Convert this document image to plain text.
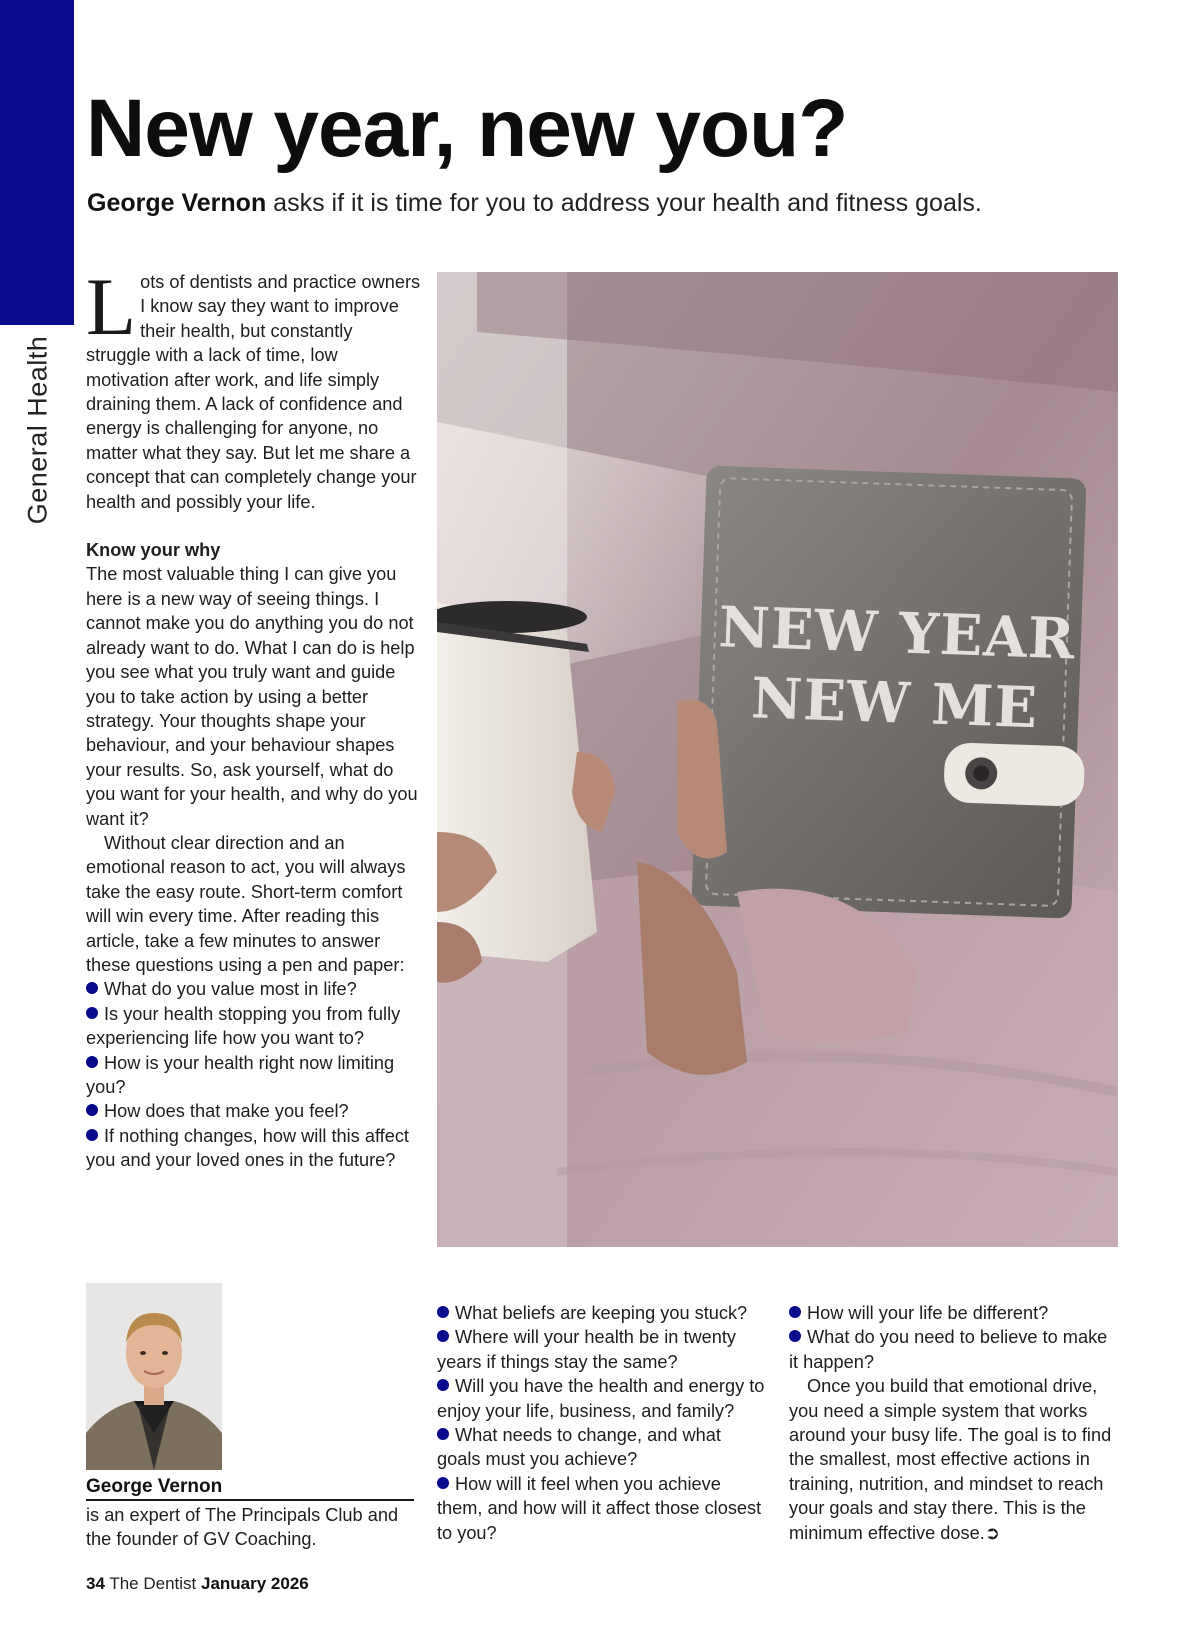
General Health
New year, new you?

George Vernon asks if it is time for you to address your health and fitness goals.

Lots of dentists and practice owners I know say they want to improve their health, but constantly struggle with a lack of time, low motivation after work, and life simply draining them. A lack of confidence and energy is challenging for anyone, no matter what they say. But let me share a concept that can completely change your health and possibly your life.

Know your why

The most valuable thing I can give you here is a new way of seeing things. I cannot make you do anything you do not already want to do. What I can do is help you see what you truly want and guide you to take action by using a better strategy. Your thoughts shape your behaviour, and your behaviour shapes your results. So, ask yourself, what do you want for your health, and why do you want it?

Without clear direction and an emotional reason to act, you will always take the easy route. Short-term comfort will win every time. After reading this article, take a few minutes to answer these questions using a pen and paper:

What do you value most in life?
Is your health stopping you from fully experiencing life how you want to?
How is your health right now limiting you?
How does that make you feel?
If nothing changes, how will this affect you and your loved ones in the future?
NEW YEAR
NEW ME
George Vernon
is an expert of The Principals Club and the founder of GV Coaching.
What beliefs are keeping you stuck?
Where will your health be in twenty years if things stay the same?
Will you have the health and energy to enjoy your life, business, and family?
What needs to change, and what goals must you achieve?
How will it feel when you achieve them, and how will it affect those closest to you?
How will your life be different?
What do you need to believe to make it happen?

Once you build that emotional drive, you need a simple system that works around your busy life. The goal is to find the smallest, most effective actions in training, nutrition, and mindset to reach your goals and stay there. This is the minimum effective dose.➲

34 The Dentist January 2026
